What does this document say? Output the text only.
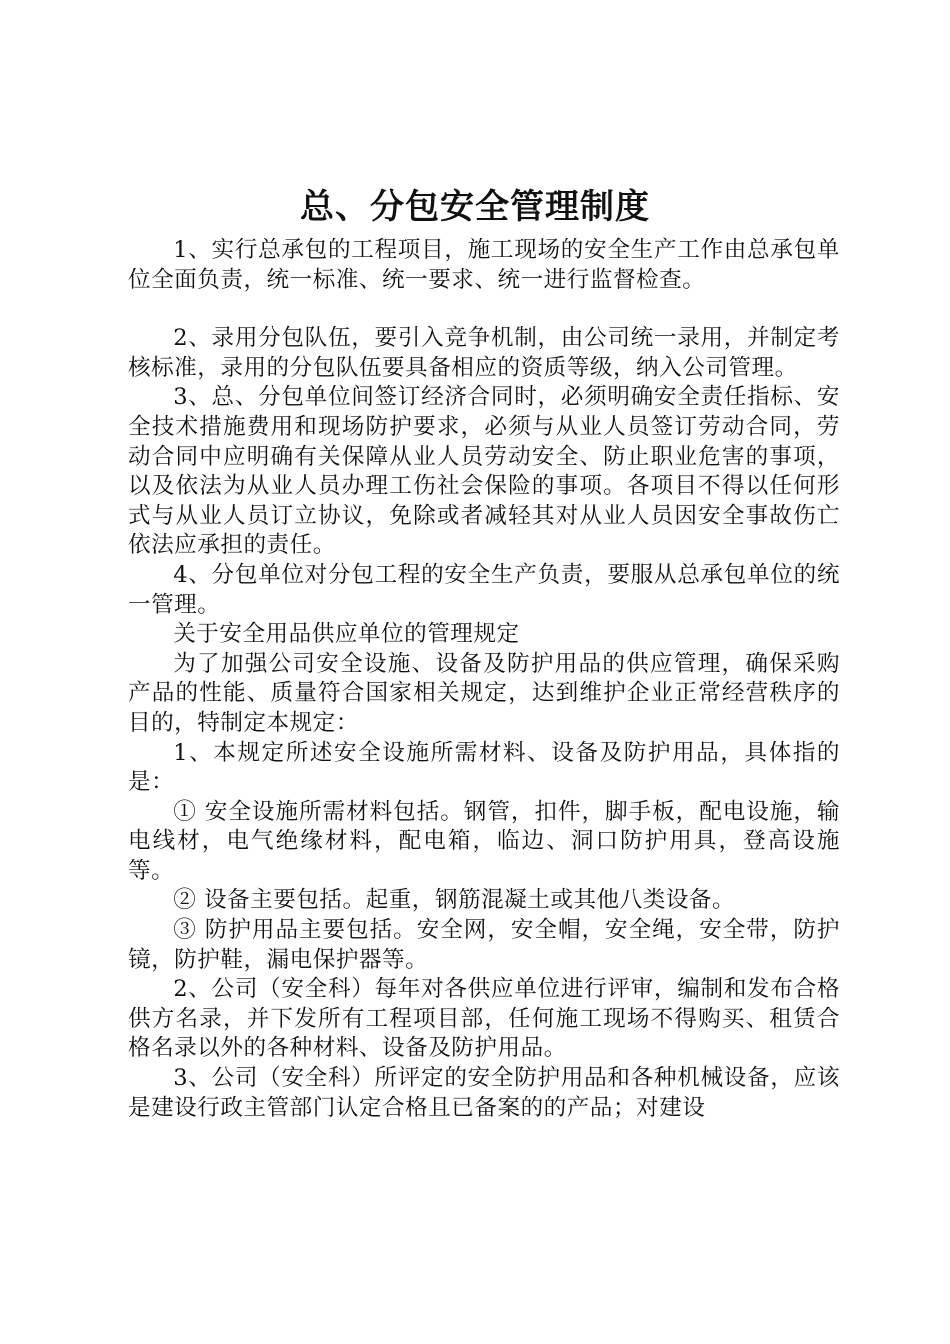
总、分包安全管理制度

1、实行总承包的工程项目，施工现场的安全生产工作由总承包单位全面负责，统一标准、统一要求、统一进行监督检查。

2、录用分包队伍，要引入竞争机制，由公司统一录用，并制定考核标准，录用的分包队伍要具备相应的资质等级，纳入公司管理。

3、总、分包单位间签订经济合同时，必须明确安全责任指标、安全技术措施费用和现场防护要求，必须与从业人员签订劳动合同，劳动合同中应明确有关保障从业人员劳动安全、防止职业危害的事项，以及依法为从业人员办理工伤社会保险的事项。各项目不得以任何形式与从业人员订立协议，免除或者减轻其对从业人员因安全事故伤亡依法应承担的责任。

4、分包单位对分包工程的安全生产负责，要服从总承包单位的统一管理。

关于安全用品供应单位的管理规定

为了加强公司安全设施、设备及防护用品的供应管理，确保采购产品的性能、质量符合国家相关规定，达到维护企业正常经营秩序的目的，特制定本规定：

1、本规定所述安全设施所需材料、设备及防护用品，具体指的是：

① 安全设施所需材料包括。钢管，扣件，脚手板，配电设施，输电线材，电气绝缘材料，配电箱，临边、洞口防护用具，登高设施等。

② 设备主要包括。起重，钢筋混凝土或其他八类设备。

③ 防护用品主要包括。安全网，安全帽，安全绳，安全带，防护镜，防护鞋，漏电保护器等。

2、公司（安全科）每年对各供应单位进行评审，编制和发布合格供方名录，并下发所有工程项目部，任何施工现场不得购买、租赁合格名录以外的各种材料、设备及防护用品。

3、公司（安全科）所评定的安全防护用品和各种机械设备，应该是建设行政主管部门认定合格且已备案的的产品；对建设
